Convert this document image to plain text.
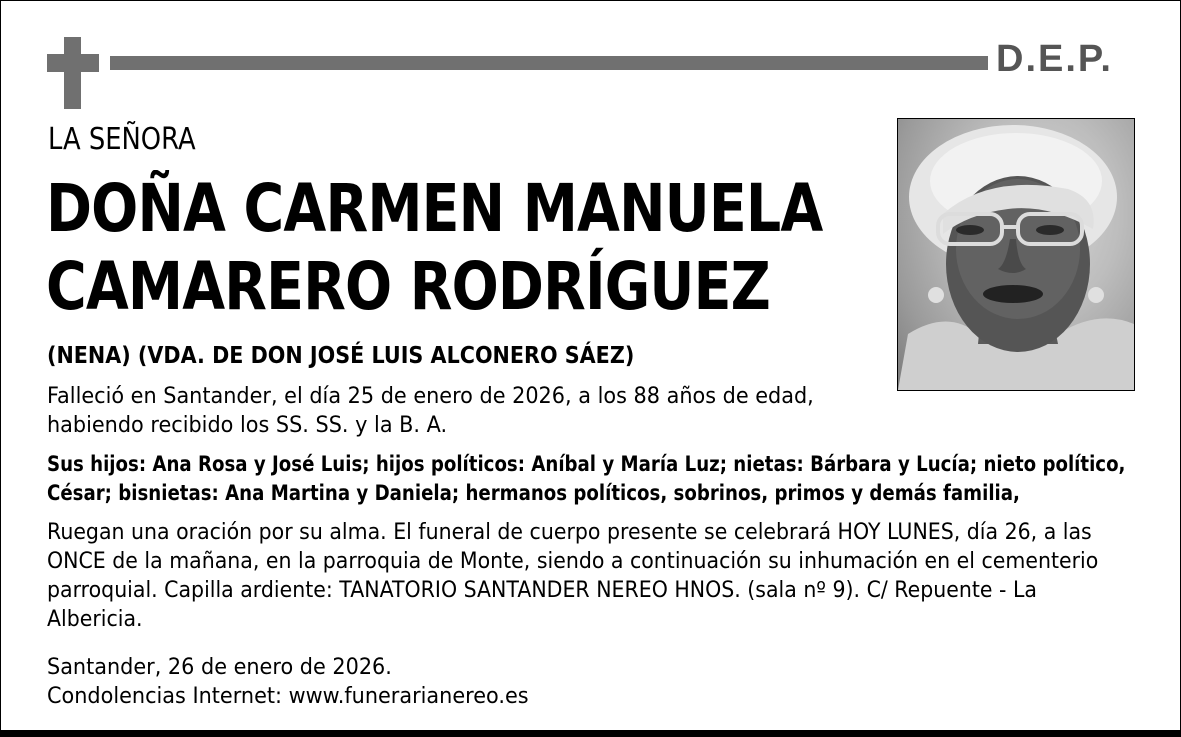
D.E.P.
LA SEÑORA
DOÑA CARMEN MANUELA
CAMARERO RODRÍGUEZ
(NENA) (VDA. DE DON JOSÉ LUIS ALCONERO SÁEZ)
Falleció en Santander, el día 25 de enero de 2026, a los 88 años de edad,
habiendo recibido los SS. SS. y la B. A.
Sus hijos: Ana Rosa y José Luis; hijos políticos: Aníbal y María Luz; nietas: Bárbara y Lucía; nieto político,
César; bisnietas: Ana Martina y Daniela; hermanos políticos, sobrinos, primos y demás familia,
Ruegan una oración por su alma. El funeral de cuerpo presente se celebrará HOY LUNES, día 26, a las
ONCE de la mañana, en la parroquia de Monte, siendo a continuación su inhumación en el cementerio
parroquial. Capilla ardiente: TANATORIO SANTANDER NEREO HNOS. (sala nº 9). C/ Repuente - La
Albericia.
Santander, 26 de enero de 2026.
Condolencias Internet: www.funerarianereo.es
